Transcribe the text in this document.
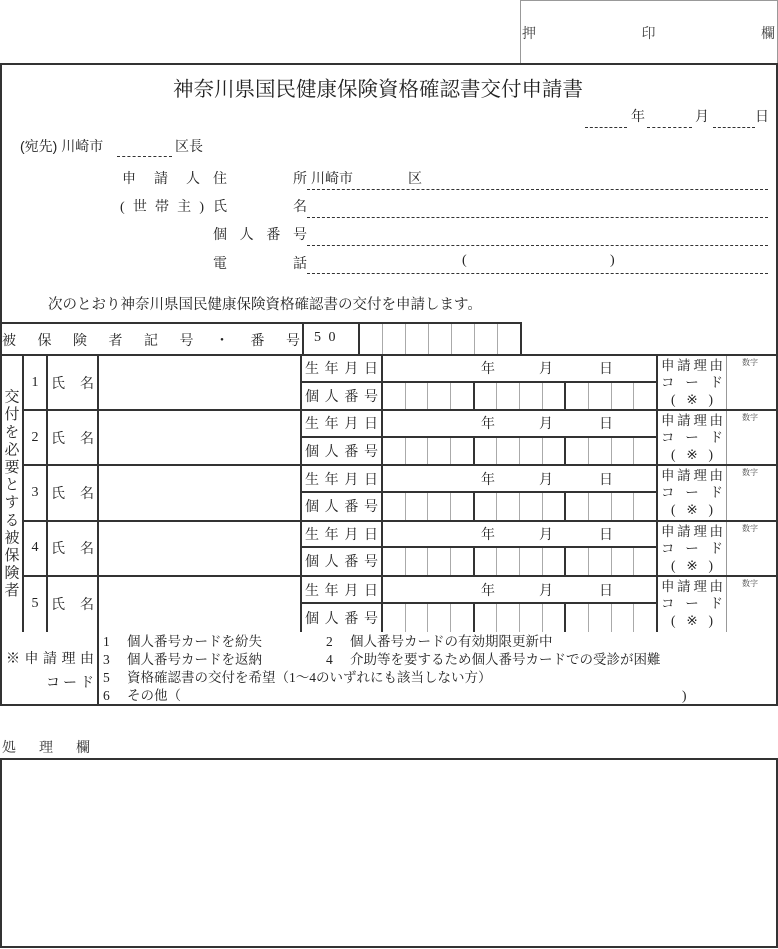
押印欄
神奈川県国民健康保険資格確認書交付申請書
年	月	日
(宛先) 川崎市	区長
申請人
(世帯主)
住所 川崎市	区
氏名
個人番号
電話	(	)
次のとおり神奈川県国民健康保険資格確認書の交付を申請します。
被保険者記号・番号	5 0
交付を必要とする被保険者
1 氏名
生年月日	年	月	日
個人番号
申請理由
コード
(※)
数字
2 氏名
生年月日	年	月	日
個人番号
申請理由
コード
(※)
数字
3 氏名
生年月日	年	月	日
個人番号
申請理由
コード
(※)
数字
4 氏名
生年月日	年	月	日
個人番号
申請理由
コード
(※)
数字
5 氏名
生年月日	年	月	日
個人番号
申請理由
コード
(※)
数字
※申請理由
コード
1 個人番号カードを紛失	2 個人番号カードの有効期限更新中
3 個人番号カードを返納	4 介助等を要するため個人番号カードでの受診が困難
5 資格確認書の交付を希望（1～4のいずれにも該当しない方）
6 その他（	)
処理欄
